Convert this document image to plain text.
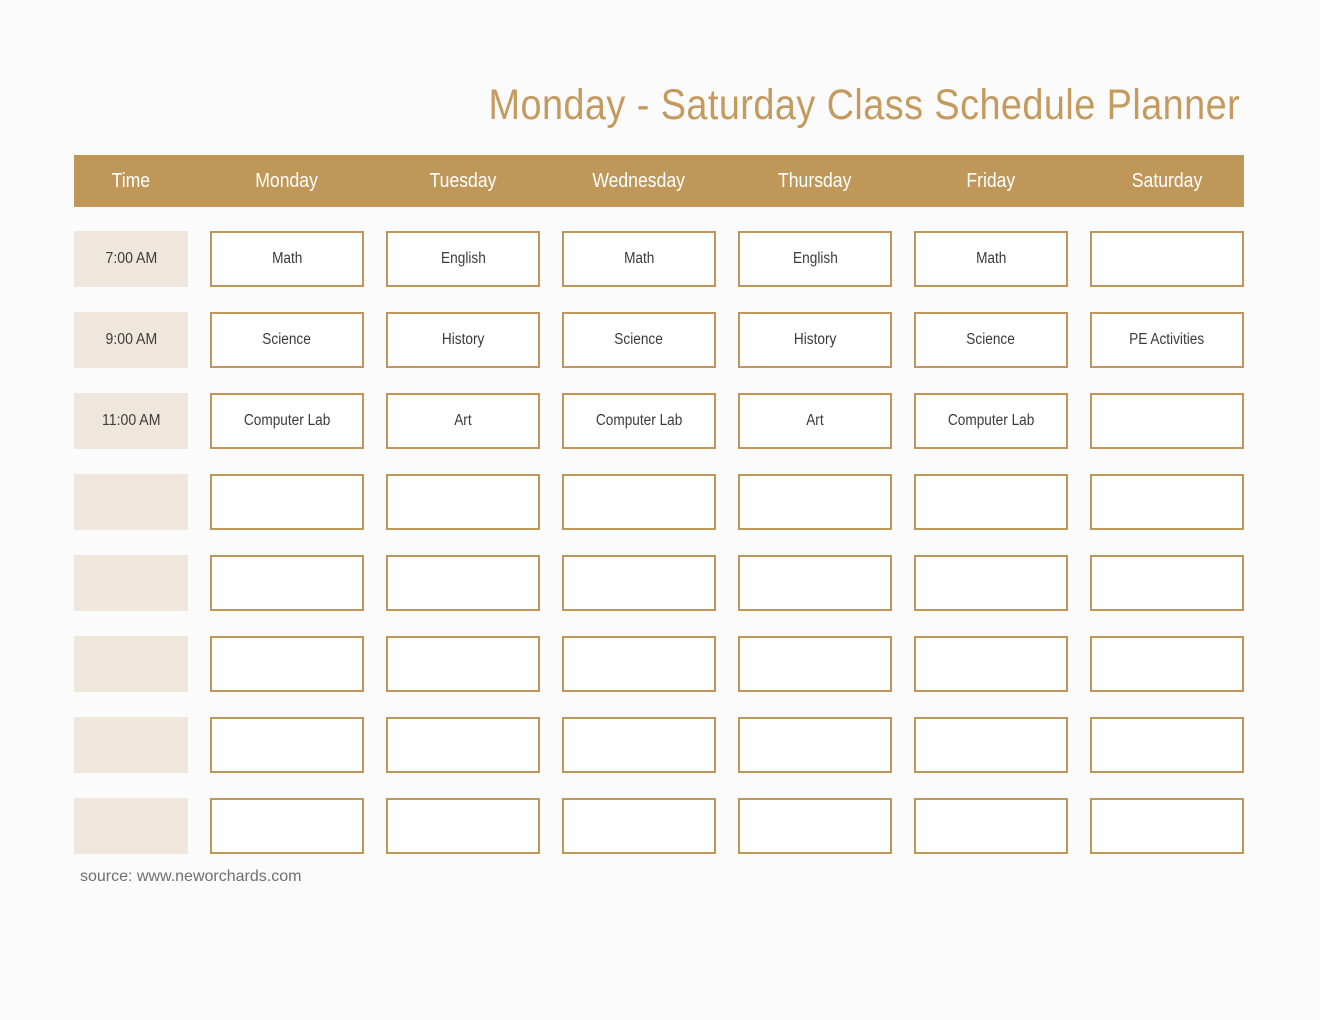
Monday - Saturday Class Schedule Planner
Time	Monday	Tuesday	Wednesday	Thursday	Friday	Saturday
7:00 AM	Math	English	Math	English	Math
9:00 AM	Science	History	Science	History	Science	PE Activities
11:00 AM	Computer Lab	Art	Computer Lab	Art	Computer Lab
source: www.neworchards.com
